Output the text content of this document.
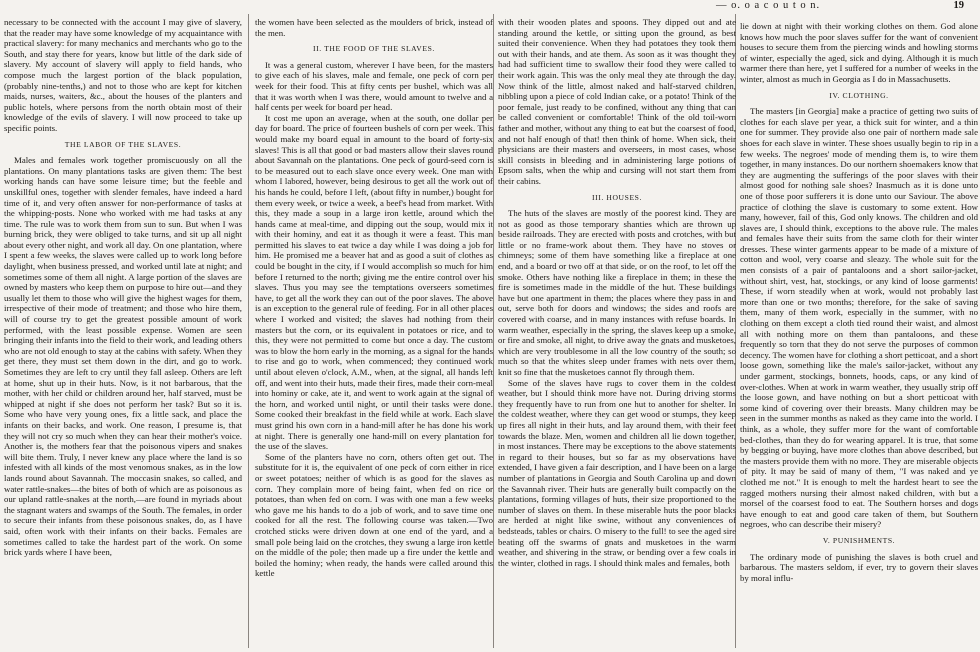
— o. o a c o u t o n.	19

necessary to be connected with the account I may give of slavery, that the reader may have some knowledge of my acquaintance with practical slavery: for many mechanics and merchants who go to the South, and stay there for years, know but little of the dark side of slavery. My account of slavery will apply to field hands, who compose much the largest portion of the black population, (probably nine-tenths,) and not to those who are kept for kitchen maids, nurses, waiters, &c., about the houses of the planters and public hotels, where persons from the north obtain most of their knowledge of the evils of slavery. I will now proceed to take up specific points.

THE LABOR OF THE SLAVES.

Males and females work together promiscuously on all the plantations. On many plantations tasks are given them: The best working hands can have some leisure time; but the feeble and unskillful ones, together with slender females, have indeed a hard time of it, and very often answer for non-performance of tasks at the whipping-posts. None who worked with me had tasks at any time. The rule was to work them from sun to sun. But when I was burning brick, they were obliged to take turns, and sit up all night about every other night, and work all day. On one plantation, where I spent a few weeks, the slaves were called up to work long before daylight, when business pressed, and worked until late at night; and sometimes some of them all night. A large portion of the slaves are owned by masters who keep them on purpose to hire out—and they usually let them to those who will give the highest wages for them, irrespective of their mode of treatment; and those who hire them, will of course try to get the greatest possible amount of work performed, with the least possible expense. Women are seen bringing their infants into the field to their work, and leading others who are not old enough to stay at the cabins with safety. When they get there, they must set them down in the dirt, and go to work. Sometimes they are left to cry until they fall asleep. Others are left at home, shut up in their huts. Now, is it not barbarous, that the mother, with her child or children around her, half starved, must be whipped at night if she does not perform her task? But so it is. Some who have very young ones, fix a little sack, and place the infants on their backs, and work. One reason, I presume is, that they will not cry so much when they can hear their mother's voice. Another is, the mothers fear that the poisonous vipers and snakes will bite them. Truly, I never knew any place where the land is so infested with all kinds of the most venomous snakes, as in the low lands round about Savannah. The moccasin snakes, so called, and water rattle-snakes—the bites of both of which are as poisonous as our upland rattle-snakes at the north,—are found in myriads about the stagnant waters and swamps of the South. The females, in order to secure their infants from these poisonous snakes, do, as I have said, often work with their infants on their backs. Females are sometimes called to take the hardest part of the work. On some brick yards where I have been,

the women have been selected as the moulders of brick, instead of the men.

II. THE FOOD OF THE SLAVES.

It was a general custom, wherever I have been, for the masters to give each of his slaves, male and female, one peck of corn per week for their food. This at fifty cents per bushel, which was all that it was worth when I was there, would amount to twelve and a half cents per week for board per head.

It cost me upon an average, when at the south, one dollar per day for board. The price of fourteen bushels of corn per week. This would make my board equal in amount to the board of forty-six slaves! This is all that good or bad masters allow their slaves round about Savannah on the plantations. One peck of gourd-seed corn is to be measured out to each slave once every week. One man with whom I labored, however, being desirous to get all the work out of his hands he could, before I left, (about fifty in number,) bought for them every week, or twice a week, a beef's head from market. With this, they made a soup in a large iron kettle, around which the hands came at meal-time, and dipping out the soup, would mix it with their hominy, and eat it as though it were a feast. This man permitted his slaves to eat twice a day while I was doing a job for him. He promised me a beaver hat and as good a suit of clothes as could be bought in the city, if I would accomplish so much for him before I returned to the north; giving me the entire control over his slaves. Thus you may see the temptations overseers sometimes have, to get all the work they can out of the poor slaves. The above is an exception to the general rule of feeding. For in all other places where I worked and visited; the slaves had nothing from their masters but the corn, or its equivalent in potatoes or rice, and to this, they were not permitted to come but once a day. The custom was to blow the horn early in the morning, as a signal for the hands to rise and go to work, when commenced; they continued work until about eleven o'clock, A.M., when, at the signal, all hands left off, and went into their huts, made their fires, made their corn-meal into hominy or cake, ate it, and went to work again at the signal of the horn, and worked until night, or until their tasks were done. Some cooked their breakfast in the field while at work. Each slave must grind his own corn in a hand-mill after he has done his work at night. There is generally one hand-mill on every plantation for the use of the slaves.

Some of the planters have no corn, others often get out. The substitute for it is, the equivalent of one peck of corn either in rice or sweet potatoes; neither of which is as good for the slaves as corn. They complain more of being faint, when fed on rice or potatoes, than when fed on corn. I was with one man a few weeks who gave me his hands to do a job of work, and to save time one cooked for all the rest. The following course was taken.—Two crotched sticks were driven down at one end of the yard, and a small pole being laid on the crotches, they swung a large iron kettle on the middle of the pole; then made up a fire under the kettle and boiled the hominy; when ready, the hands were called around this kettle

with their wooden plates and spoons. They dipped out and ate standing around the kettle, or sitting upon the ground, as best suited their convenience. When they had potatoes they took them out with their hands, and ate them. As soon as it was thought they had had sufficient time to swallow their food they were called to their work again. This was the only meal they ate through the day. Now think of the little, almost naked and half-starved children, nibbling upon a piece of cold Indian cake, or a potato! Think of the poor female, just ready to be confined, without any thing that can be called convenient or comfortable! Think of the old toil-worn father and mother, without any thing to eat but the coarsest of food, and not half enough of that! then think of home. When sick, their physicians are their masters and overseers, in most cases, whose skill consists in bleeding and in administering large potions of Epsom salts, when the whip and cursing will not start them from their cabins.

III. HOUSES.

The huts of the slaves are mostly of the poorest kind. They are not as good as those temporary shanties which are thrown up beside railroads. They are erected with posts and crotches, with but little or no frame-work about them. They have no stoves or chimneys; some of them have something like a fireplace at one end, and a board or two off at that side, or on the roof, to let off the smoke. Others have nothing like a fireplace in them; in these the fire is sometimes made in the middle of the hut. These buildings have but one apartment in them; the places where they pass in and out, serve both for doors and windows; the sides and roofs are covered with coarse, and in many instances with refuse boards. In warm weather, especially in the spring, the slaves keep up a smoke, or fire and smoke, all night, to drive away the gnats and musketoes, which are very troublesome in all the low country of the south; so much so that the whites sleep under frames with nets over them, knit so fine that the musketoes cannot fly through them.

Some of the slaves have rugs to cover them in the coldest weather, but I should think more have not. During driving storms they frequently have to run from one hut to another for shelter. In the coldest weather, where they can get wood or stumps, they keep up fires all night in their huts, and lay around them, with their feet towards the blaze. Men, women and children all lie down together, in most instances. There may be exceptions to the above statements in regard to their houses, but so far as my observations have extended, I have given a fair description, and I have been on a large number of plantations in Georgia and South Carolina up and down the Savannah river. Their huts are generally built compactly on the plantations, forming villages of huts, their size proportioned to the number of slaves on them. In these miserable huts the poor blacks are herded at night like swine, without any conveniences of bedsteads, tables or chairs. O misery to the full! to see the aged sire beating off the swarms of gnats and musketoes in the warm weather, and shivering in the straw, or bending over a few coals in the winter, clothed in rags. I should think males and females, both

lie down at night with their working clothes on them. God alone knows how much the poor slaves suffer for the want of convenient houses to secure them from the piercing winds and howling storms of winter, especially the aged, sick and dying. Although it is much warmer there than here, yet I suffered for a number of weeks in the winter, almost as much in Georgia as I do in Massachusetts.

IV. CLOTHING.

The masters [in Georgia] make a practice of getting two suits of clothes for each slave per year, a thick suit for winter, and a thin one for summer. They provide also one pair of northern made sale shoes for each slave in winter. These shoes usually begin to rip in a few weeks. The negroes' mode of mending them is, to wire them together, in many instances. Do our northern shoemakers know that they are augmenting the sufferings of the poor slaves with their almost good for nothing sale shoes? Inasmuch as it is done unto one of those poor sufferers it is done unto our Saviour. The above practice of clothing the slave is customary to some extent. How many, however, fail of this, God only knows. The children and old slaves are, I should think, exceptions to the above rule. The males and females have their suits from the same cloth for their winter dresses. These winter garments appear to be made of a mixture of cotton and wool, very coarse and sleazy. The whole suit for the men consists of a pair of pantaloons and a short sailor-jacket, without shirt, vest, hat, stockings, or any kind of loose garments! These, if worn steadily when at work, would not probably last more than one or two months; therefore, for the sake of saving them, many of them work, especially in the summer, with no clothing on them except a cloth tied round their waist, and almost all with nothing more on them than pantaloons, and these frequently so torn that they do not serve the purposes of common decency. The women have for clothing a short petticoat, and a short loose gown, something like the male's sailor-jacket, without any under garment, stockings, bonnets, hoods, caps, or any kind of over-clothes. When at work in warm weather, they usually strip off the loose gown, and have nothing on but a short petticoat with some kind of covering over their breasts. Many children may be seen in the summer months as naked as they came into the world. I think, as a whole, they suffer more for the want of comfortable bed-clothes, than they do for wearing apparel. It is true, that some by begging or buying, have more clothes than above described, but the masters provide them with no more. They are miserable objects of pity. It may be said of many of them, "I was naked and ye clothed me not." It is enough to melt the hardest heart to see the ragged mothers nursing their almost naked children, with but a morsel of the coarsest food to eat. The Southern horses and dogs have enough to eat and good care taken of them, but Southern negroes, who can describe their misery?

V. PUNISHMENTS.

The ordinary mode of punishing the slaves is both cruel and barbarous. The masters seldom, if ever, try to govern their slaves by moral influ-
